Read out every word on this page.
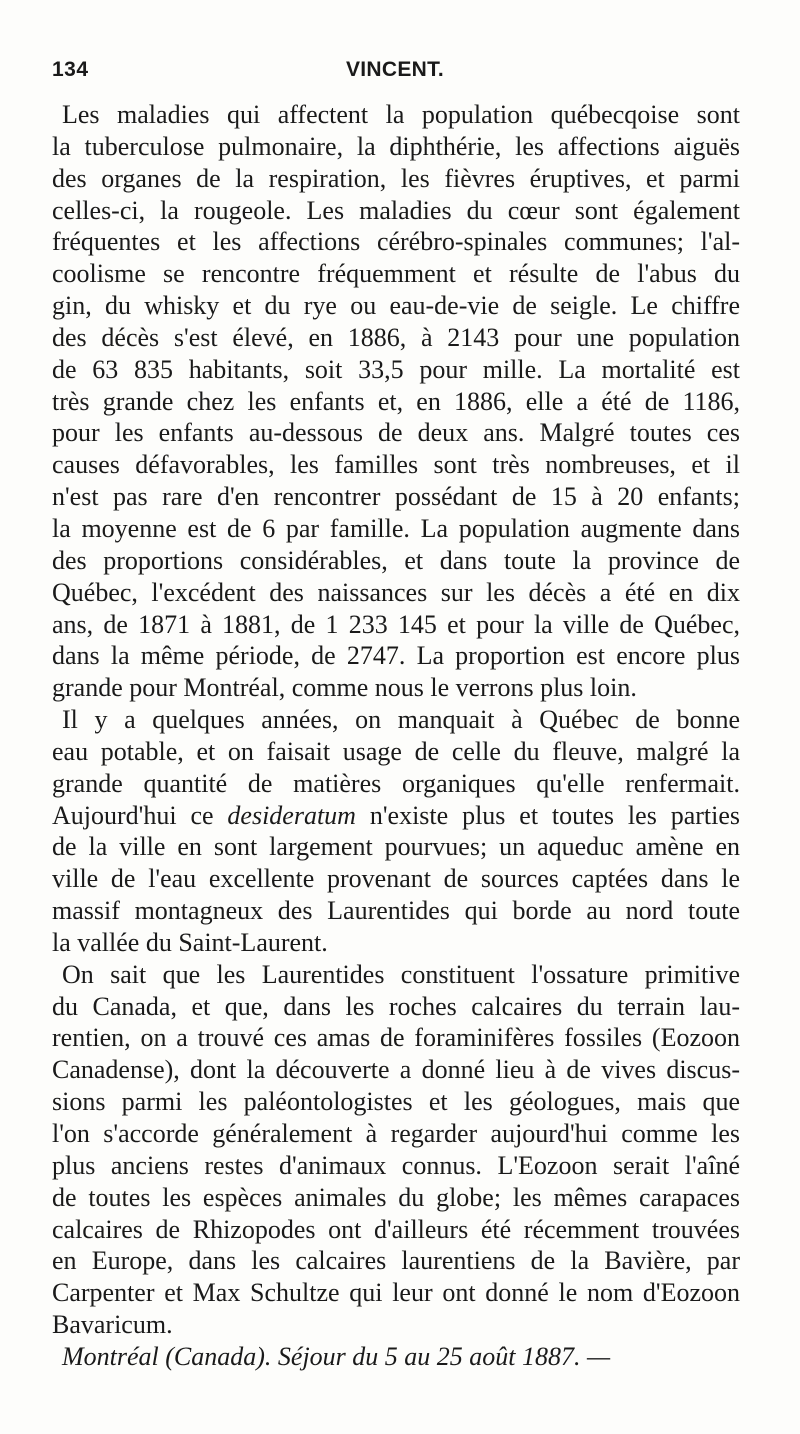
134	VINCENT.
Les maladies qui affectent la population québecqoise sont
la tuberculose pulmonaire, la diphthérie, les affections aiguës
des organes de la respiration, les fièvres éruptives, et parmi
celles-ci, la rougeole. Les maladies du cœur sont également
fréquentes et les affections cérébro-spinales communes; l'al-
coolisme se rencontre fréquemment et résulte de l'abus du
gin, du whisky et du rye ou eau-de-vie de seigle. Le chiffre
des décès s'est élevé, en 1886, à 2143 pour une population
de 63 835 habitants, soit 33,5 pour mille. La mortalité est
très grande chez les enfants et, en 1886, elle a été de 1186,
pour les enfants au-dessous de deux ans. Malgré toutes ces
causes défavorables, les familles sont très nombreuses, et il
n'est pas rare d'en rencontrer possédant de 15 à 20 enfants;
la moyenne est de 6 par famille. La population augmente dans
des proportions considérables, et dans toute la province de
Québec, l'excédent des naissances sur les décès a été en dix
ans, de 1871 à 1881, de 1 233 145 et pour la ville de Québec,
dans la même période, de 2747. La proportion est encore plus
grande pour Montréal, comme nous le verrons plus loin.
Il y a quelques années, on manquait à Québec de bonne
eau potable, et on faisait usage de celle du fleuve, malgré la
grande quantité de matières organiques qu'elle renfermait.
Aujourd'hui ce desideratum n'existe plus et toutes les parties
de la ville en sont largement pourvues; un aqueduc amène en
ville de l'eau excellente provenant de sources captées dans le
massif montagneux des Laurentides qui borde au nord toute
la vallée du Saint-Laurent.
On sait que les Laurentides constituent l'ossature primitive
du Canada, et que, dans les roches calcaires du terrain lau-
rentien, on a trouvé ces amas de foraminifères fossiles (Eozoon
Canadense), dont la découverte a donné lieu à de vives discus-
sions parmi les paléontologistes et les géologues, mais que
l'on s'accorde généralement à regarder aujourd'hui comme les
plus anciens restes d'animaux connus. L'Eozoon serait l'aîné
de toutes les espèces animales du globe; les mêmes carapaces
calcaires de Rhizopodes ont d'ailleurs été récemment trouvées
en Europe, dans les calcaires laurentiens de la Bavière, par
Carpenter et Max Schultze qui leur ont donné le nom d'Eozoon
Bavaricum.
Montréal (Canada). Séjour du 5 au 25 août 1887. —
